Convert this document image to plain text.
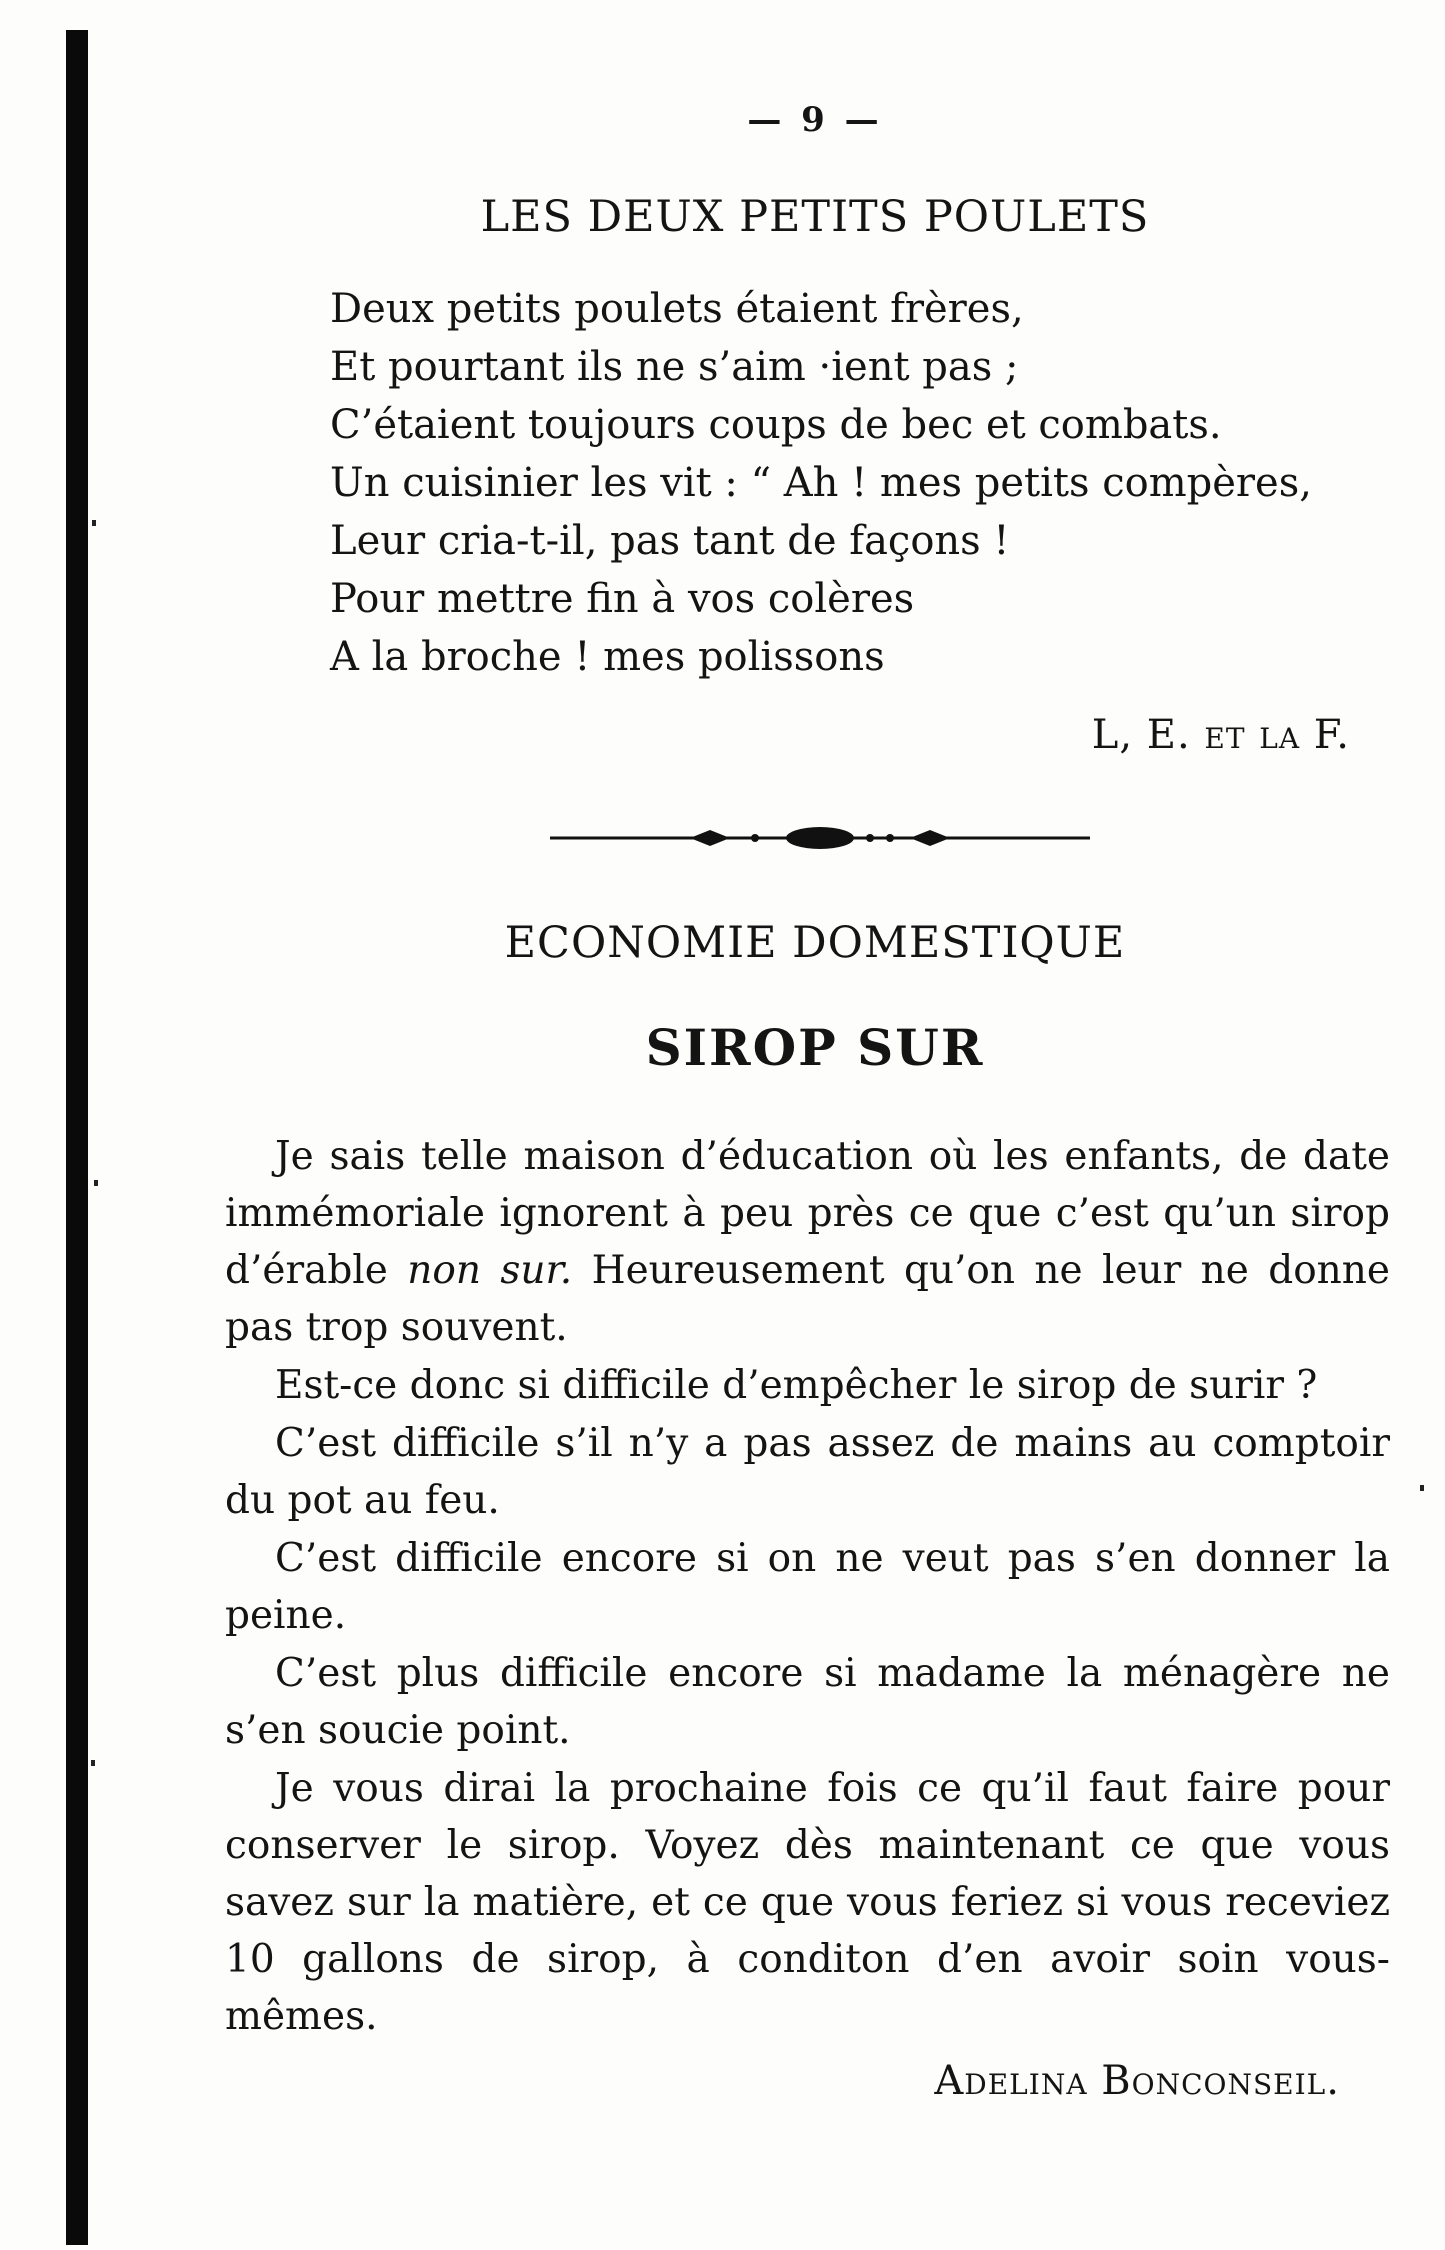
— 9 —
LES DEUX PETITS POULETS
Deux petits poulets étaient frères,
Et pourtant ils ne s’aim ·ient pas ;
C’étaient toujours coups de bec et combats.
Un cuisinier les vit : “ Ah ! mes petits compères,
Leur cria-t-il, pas tant de façons !
Pour mettre fin à vos colères
A la broche ! mes polissons
L, E. et la F.
ECONOMIE DOMESTIQUE
SIROP SUR

Je sais telle maison d’éducation où les enfants, de date immémoriale ignorent à peu près ce que c’est qu’un sirop d’érable non sur. Heureusement qu’on ne leur ne donne pas trop souvent.

Est-ce donc si difficile d’empêcher le sirop de surir ?

C’est difficile s’il n’y a pas assez de mains au comptoir du pot au feu.

C’est difficile encore si on ne veut pas s’en donner la peine.

C’est plus difficile encore si madame la ménagère ne s’en soucie point.

Je vous dirai la prochaine fois ce qu’il faut faire pour conserver le sirop. Voyez dès maintenant ce que vous savez sur la matière, et ce que vous feriez si vous receviez 10 gallons de sirop, à conditon d’en avoir soin vous-mêmes.

Adelina Bonconseil.
